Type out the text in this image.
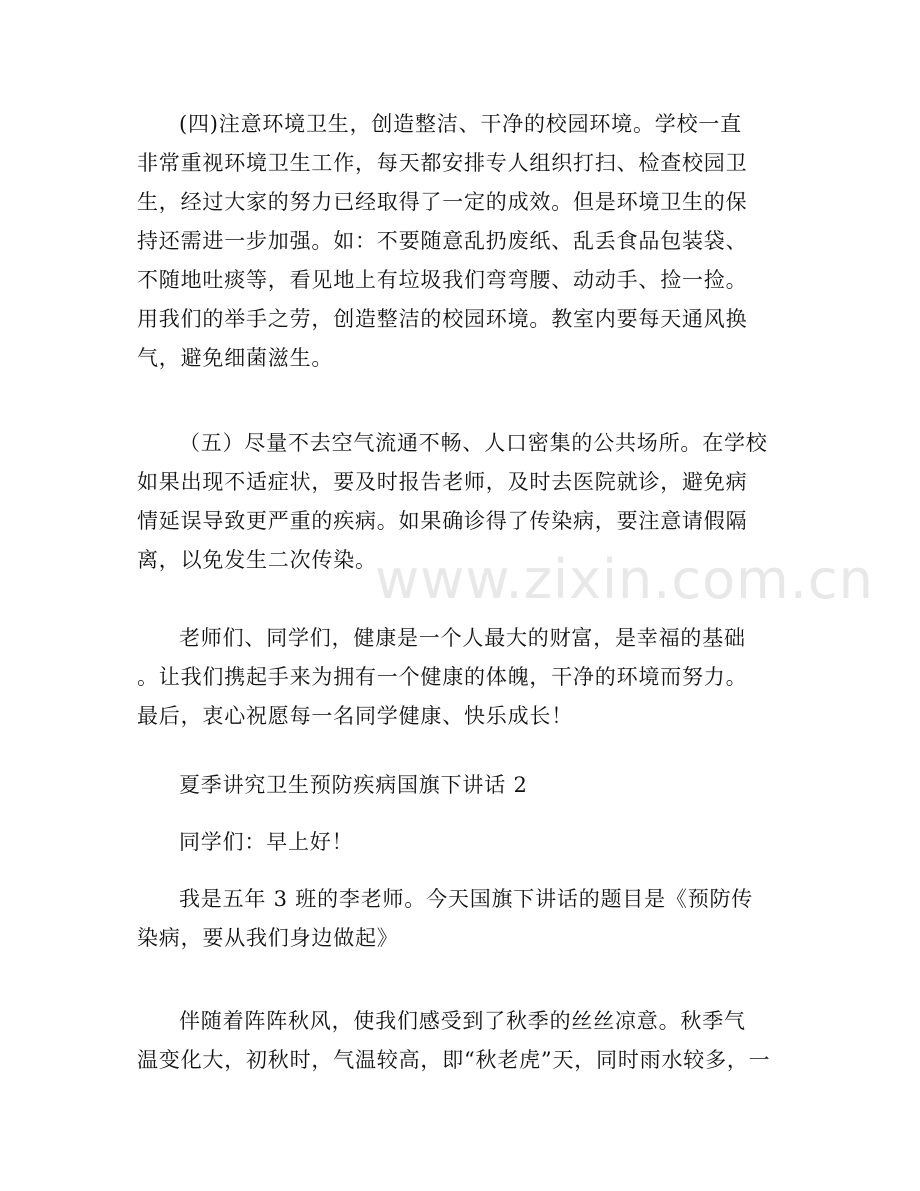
(四)注意环境卫生，创造整洁、干净的校园环境。学校一直
非常重视环境卫生工作，每天都安排专人组织打扫、检查校园卫
生，经过大家的努力已经取得了一定的成效。但是环境卫生的保
持还需进一步加强。如：不要随意乱扔废纸、乱丢食品包装袋、
不随地吐痰等，看见地上有垃圾我们弯弯腰、动动手、捡一捡。
用我们的举手之劳，创造整洁的校园环境。教室内要每天通风换
气，避免细菌滋生。
（五）尽量不去空气流通不畅、人口密集的公共场所。在学校
如果出现不适症状，要及时报告老师，及时去医院就诊，避免病
情延误导致更严重的疾病。如果确诊得了传染病，要注意请假隔
离，以免发生二次传染。
老师们、同学们，健康是一个人最大的财富，是幸福的基础
。让我们携起手来为拥有一个健康的体魄，干净的环境而努力。
最后，衷心祝愿每一名同学健康、快乐成长！
夏季讲究卫生预防疾病国旗下讲话 2
同学们：早上好！
我是五年 3 班的李老师。今天国旗下讲话的题目是《预防传
染病，要从我们身边做起》
伴随着阵阵秋风，使我们感受到了秋季的丝丝凉意。秋季气
温变化大，初秋时，气温较高，即“秋老虎”天，同时雨水较多，一
www.zixin.com.cn
